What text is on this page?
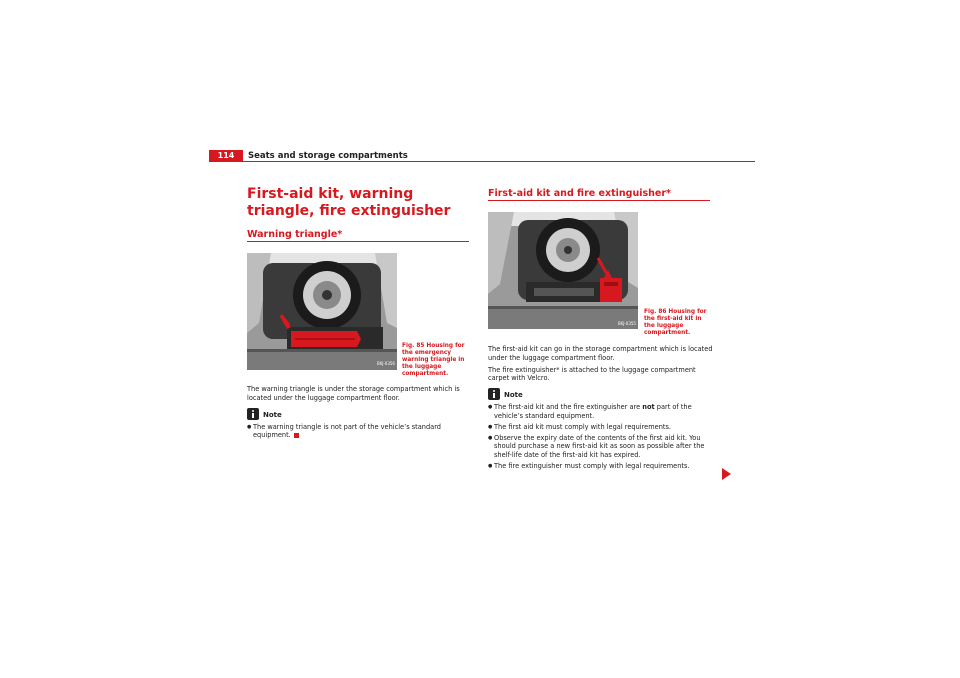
114	Seats and storage compartments
First-aid kit, warning triangle, fire extinguisher
Warning triangle*
B6J-0356
Fig. 85 Housing for the emergency warning triangle in the luggage compartment.

The warning triangle is under the storage compartment which is located under the luggage compartment floor.

Note
● The warning triangle is not part of the vehicle’s standard equipment.
First-aid kit and fire extinguisher*
B6J-0355
Fig. 86 Housing for the first-aid kit in the luggage compartment.

The first-aid kit can go in the storage compartment which is located under the luggage compartment floor.

The fire extinguisher* is attached to the luggage compartment carpet with Velcro.

Note
● The first-aid kit and the fire extinguisher are not part of the vehicle’s standard equipment.
● The first aid kit must comply with legal requirements.
● Observe the expiry date of the contents of the first aid kit. You should purchase a new first-aid kit as soon as possible after the shelf-life date of the first-aid kit has expired.
● The fire extinguisher must comply with legal requirements.
